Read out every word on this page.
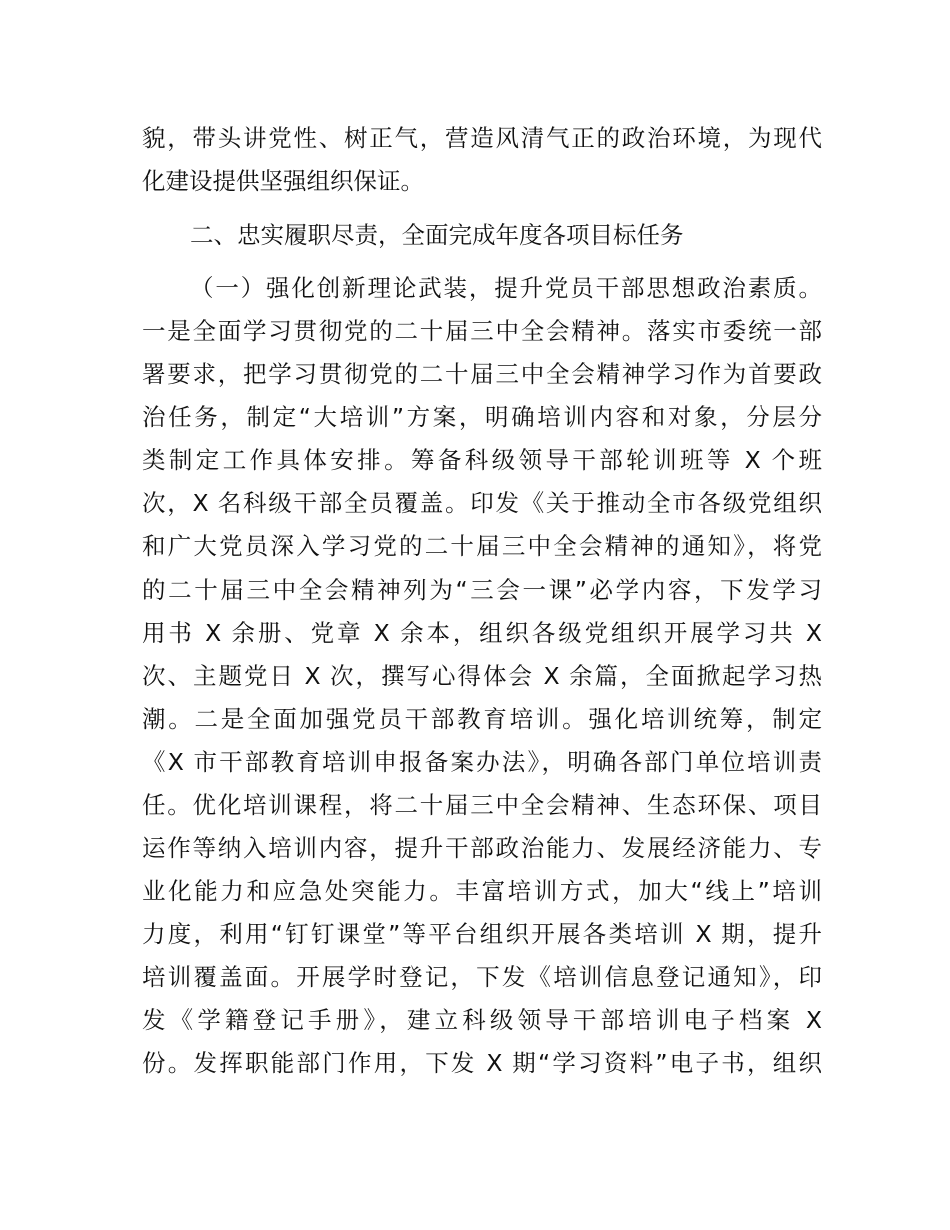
貌，带头讲党性、树正气，营造风清气正的政治环境，为现代
化建设提供坚强组织保证。
二、忠实履职尽责，全面完成年度各项目标任务
（一）强化创新理论武装，提升党员干部思想政治素质。
一是全面学习贯彻党的二十届三中全会精神。落实市委统一部
署要求，把学习贯彻党的二十届三中全会精神学习作为首要政
治任务，制定“大培训”方案，明确培训内容和对象，分层分
类制定工作具体安排。筹备科级领导干部轮训班等 X 个班
次，X 名科级干部全员覆盖。印发《关于推动全市各级党组织
和广大党员深入学习党的二十届三中全会精神的通知》，将党
的二十届三中全会精神列为“三会一课”必学内容，下发学习
用书 X 余册、党章 X 余本，组织各级党组织开展学习共 X
次、主题党日 X 次，撰写心得体会 X 余篇，全面掀起学习热
潮。二是全面加强党员干部教育培训。强化培训统筹，制定
《X 市干部教育培训申报备案办法》，明确各部门单位培训责
任。优化培训课程，将二十届三中全会精神、生态环保、项目
运作等纳入培训内容，提升干部政治能力、发展经济能力、专
业化能力和应急处突能力。丰富培训方式，加大“线上”培训
力度，利用“钉钉课堂”等平台组织开展各类培训 X 期，提升
培训覆盖面。开展学时登记，下发《培训信息登记通知》，印
发《学籍登记手册》，建立科级领导干部培训电子档案 X
份。发挥职能部门作用，下发 X 期“学习资料”电子书，组织
